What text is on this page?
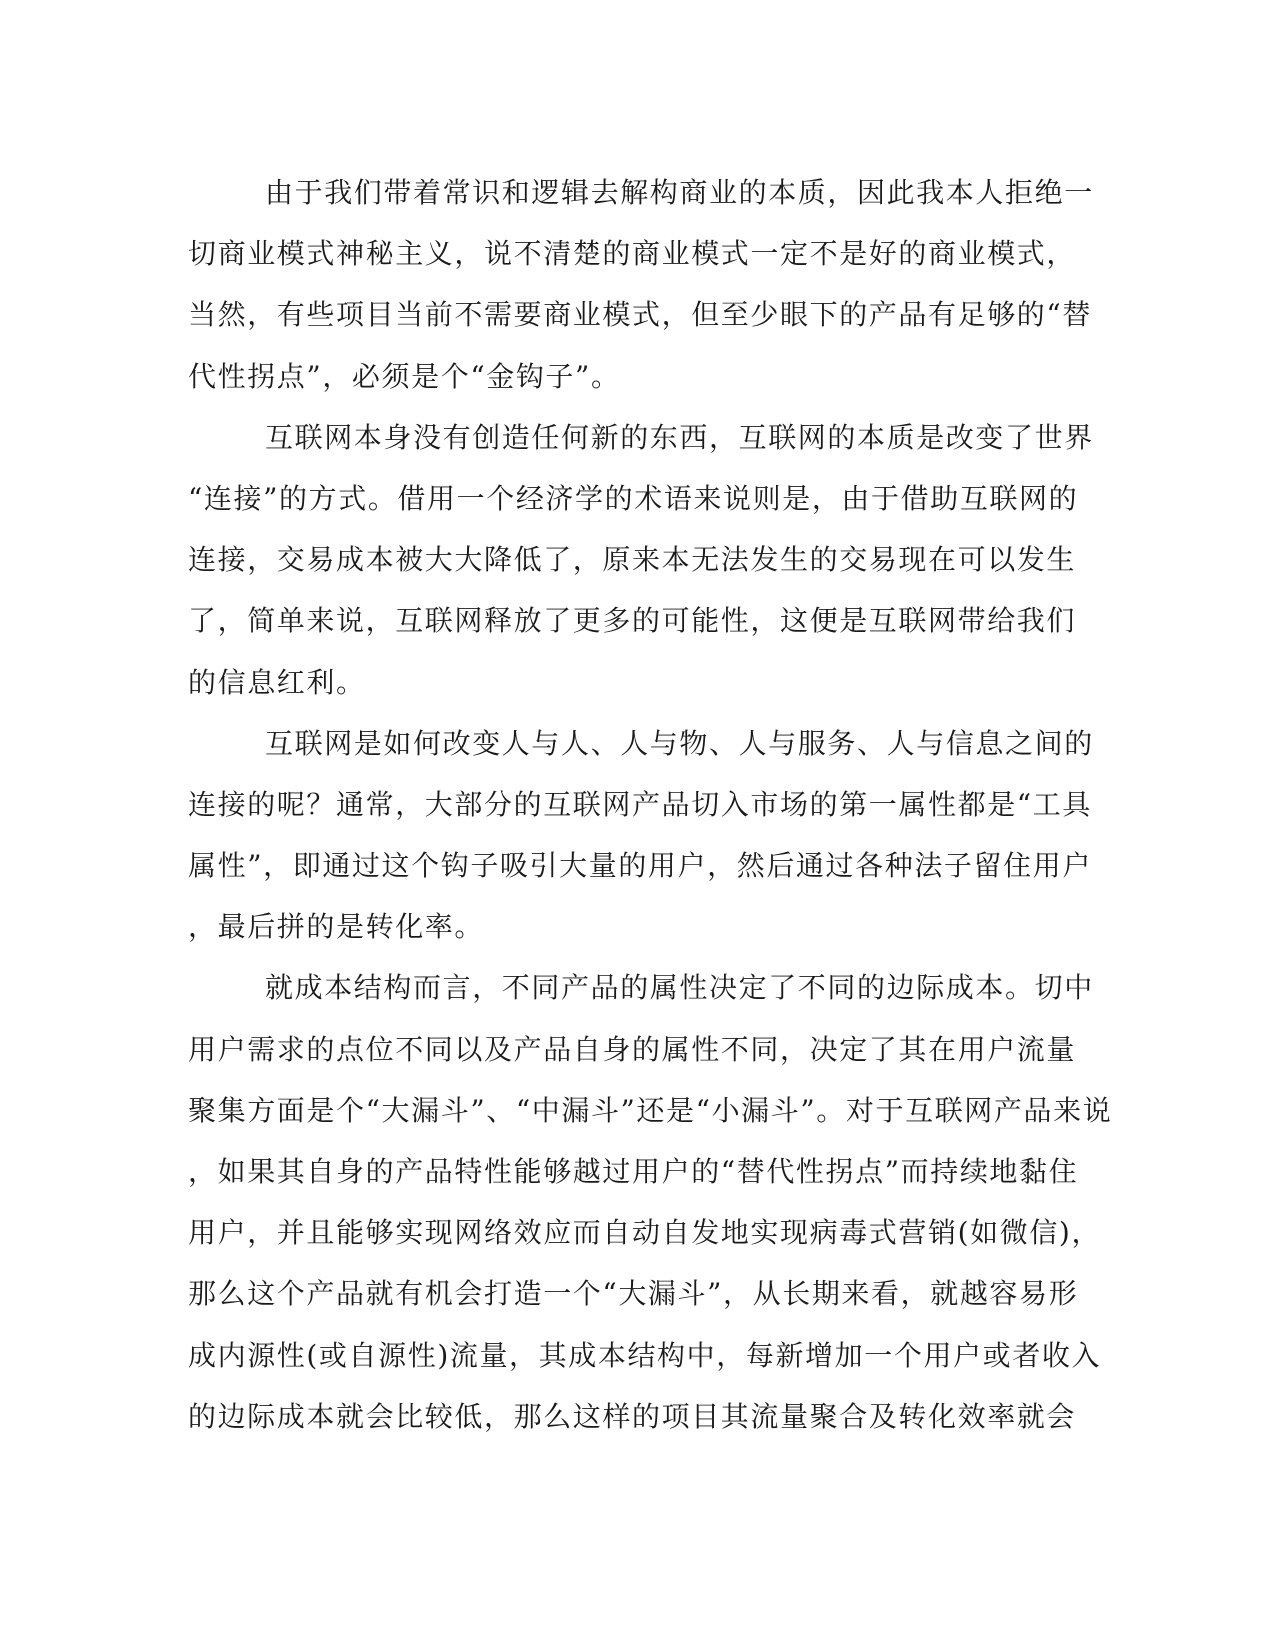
由于我们带着常识和逻辑去解构商业的本质，因此我本人拒绝一
切商业模式神秘主义，说不清楚的商业模式一定不是好的商业模式，
当然，有些项目当前不需要商业模式，但至少眼下的产品有足够的“替
代性拐点”，必须是个“金钩子”。

互联网本身没有创造任何新的东西，互联网的本质是改变了世界
“连接”的方式。借用一个经济学的术语来说则是，由于借助互联网的
连接，交易成本被大大降低了，原来本无法发生的交易现在可以发生
了，简单来说，互联网释放了更多的可能性，这便是互联网带给我们
的信息红利。

互联网是如何改变人与人、人与物、人与服务、人与信息之间的
连接的呢？通常，大部分的互联网产品切入市场的第一属性都是“工具
属性”，即通过这个钩子吸引大量的用户，然后通过各种法子留住用户
，最后拼的是转化率。

就成本结构而言，不同产品的属性决定了不同的边际成本。切中
用户需求的点位不同以及产品自身的属性不同，决定了其在用户流量
聚集方面是个“大漏斗”、“中漏斗”还是“小漏斗”。对于互联网产品来说
，如果其自身的产品特性能够越过用户的“替代性拐点”而持续地黏住
用户，并且能够实现网络效应而自动自发地实现病毒式营销(如微信)，
那么这个产品就有机会打造一个“大漏斗”，从长期来看，就越容易形
成内源性(或自源性)流量，其成本结构中，每新增加一个用户或者收入
的边际成本就会比较低，那么这样的项目其流量聚合及转化效率就会
